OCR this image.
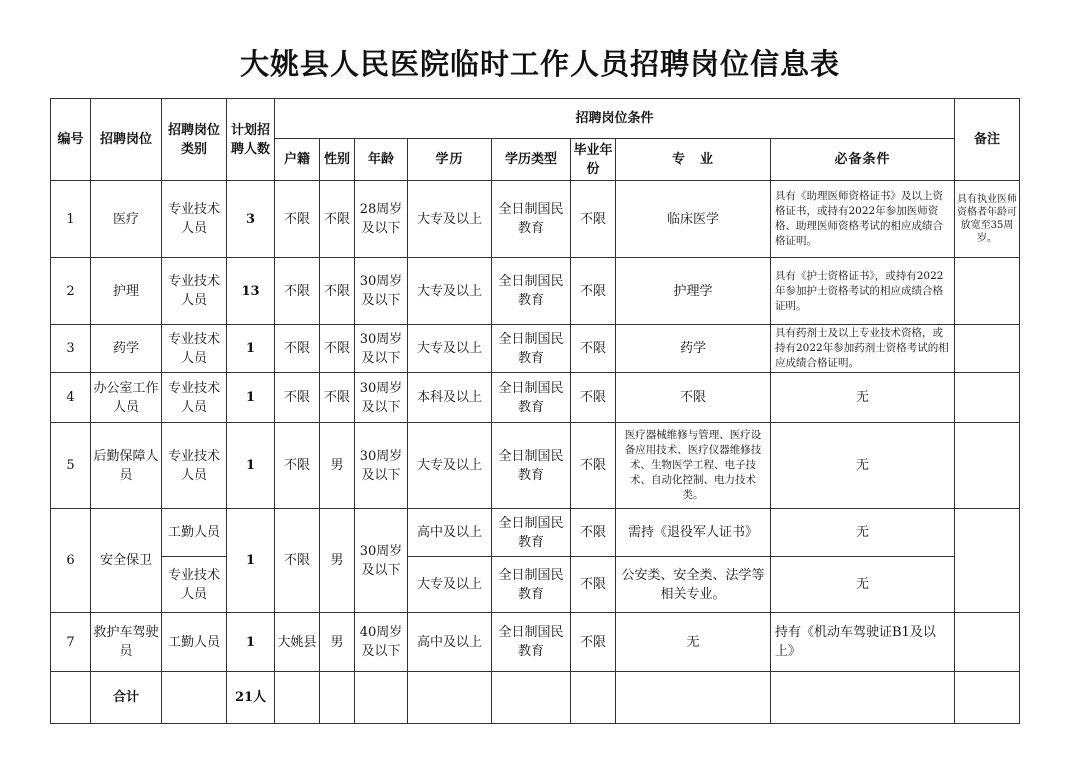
大姚县人民医院临时工作人员招聘岗位信息表
编号	招聘岗位	招聘岗位类别	计划招聘人数	招聘岗位条件								备注
				户籍	性别	年龄	学历	学历类型	毕业年份	专　业	必备条件	
1	医疗	专业技术人员	3	不限	不限	28周岁及以下	大专及以上	全日制国民教育	不限	临床医学	具有《助理医师资格证书》及以上资格证书，或持有2022年参加医师资格、助理医师资格考试的相应成绩合格证明。	具有执业医师资格者年龄可放宽至35周岁。
2	护理	专业技术人员	13	不限	不限	30周岁及以下	大专及以上	全日制国民教育	不限	护理学	具有《护士资格证书》，或持有2022年参加护士资格考试的相应成绩合格证明。	
3	药学	专业技术人员	1	不限	不限	30周岁及以下	大专及以上	全日制国民教育	不限	药学	具有药剂士及以上专业技术资格，或持有2022年参加药剂士资格考试的相应成绩合格证明。	
4	办公室工作人员	专业技术人员	1	不限	不限	30周岁及以下	本科及以上	全日制国民教育	不限	不限	无	
5	后勤保障人员	专业技术人员	1	不限	男	30周岁及以下	大专及以上	全日制国民教育	不限	医疗器械维修与管理、医疗设备应用技术、医疗仪器维修技术、生物医学工程、电子技术、自动化控制、电力技术类。	无	
6	安全保卫	工勤人员	1	不限	男	30周岁及以下	高中及以上	全日制国民教育	不限	需持《退役军人证书》	无	
		专业技术人员					大专及以上	全日制国民教育	不限	公安类、安全类、法学等相关专业。	无	
7	救护车驾驶员	工勤人员	1	大姚县	男	40周岁及以下	高中及以上	全日制国民教育	不限	无	持有《机动车驾驶证B1及以上》	
	合计		21人									
